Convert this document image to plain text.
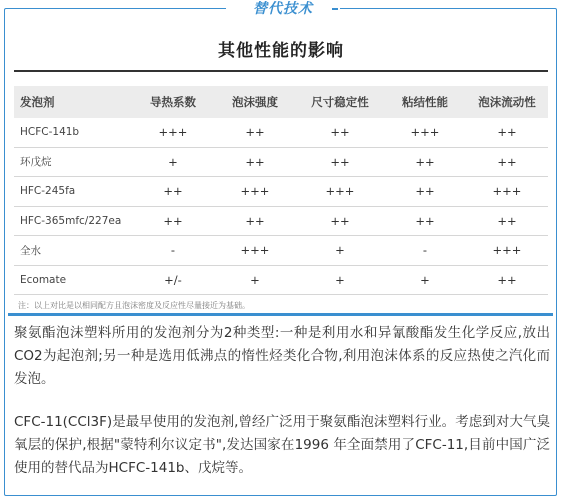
替代技术
其他性能的影响
发泡剂	导热系数	泡沫强度	尺寸稳定性	粘结性能	泡沫流动性
HCFC-141b	+++	++	++	+++	++
环戊烷	+	++	++	++	++
HFC-245fa	++	+++	+++	++	+++
HFC-365mfc/227ea	++	++	++	++	++
全水	-	+++	+	-	+++
Ecomate	+/-	+	+	+	++
注：以上对比是以相同配方且泡沫密度及反应性尽量接近为基础。

聚氨酯泡沫塑料所用的发泡剂分为2种类型:一种是利用水和异氰酸酯发生化学反应,放出CO2为起泡剂;另一种是选用低沸点的惰性烃类化合物,利用泡沫体系的反应热使之汽化而发泡。

CFC-11(CCl3F)是最早使用的发泡剂,曾经广泛用于聚氨酯泡沫塑料行业。考虑到对大气臭氧层的保护,根据"蒙特利尔议定书",发达国家在1996 年全面禁用了CFC-11,目前中国广泛使用的替代品为HCFC-141b、戊烷等。
